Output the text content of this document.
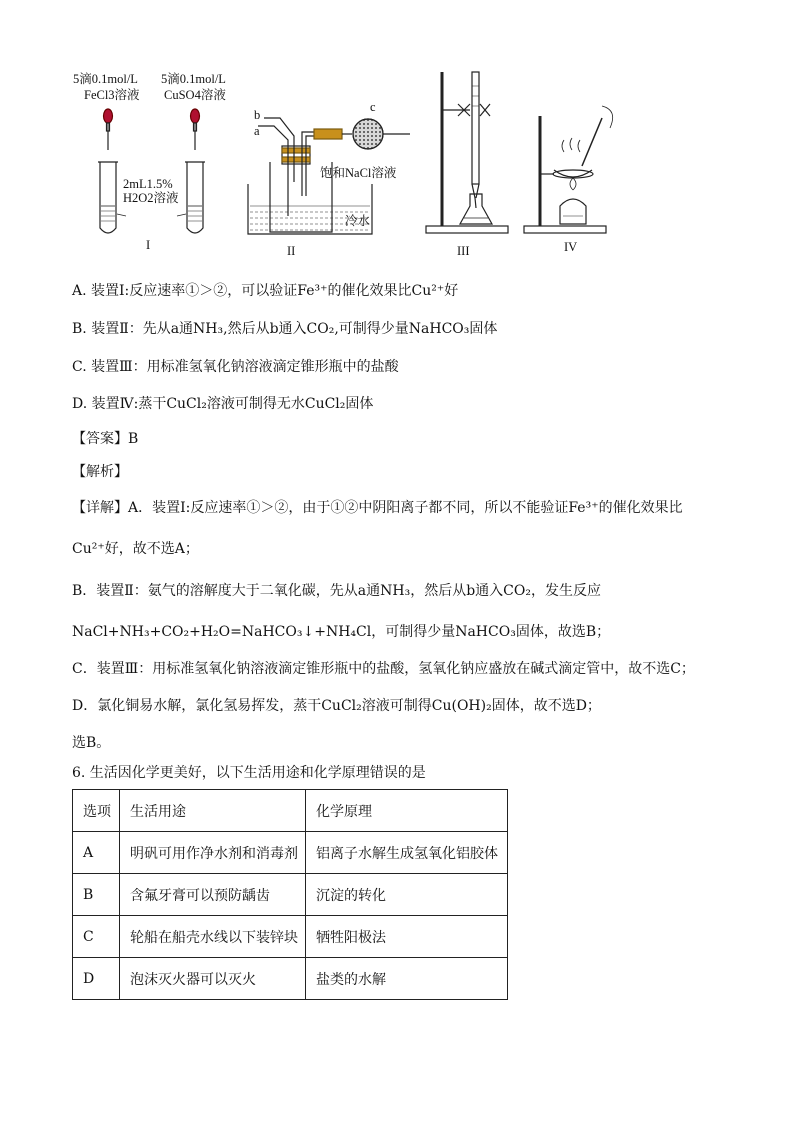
5滴0.1mol/L
FeCl3溶液
5滴0.1mol/L
CuSO4溶液
2mL1.5%
H2O2溶液
b
a
c
饱和NaCl溶液
冷水
I	II	III	IV
A. 装置Ⅰ:反应速率①＞②，可以验证Fe³⁺的催化效果比Cu²⁺好
B. 装置Ⅱ：先从a通NH₃,然后从b通入CO₂,可制得少量NaHCO₃固体
C. 装置Ⅲ：用标准氢氧化钠溶液滴定锥形瓶中的盐酸
D. 装置Ⅳ:蒸干CuCl₂溶液可制得无水CuCl₂固体
【答案】B
【解析】
【详解】A．装置Ⅰ:反应速率①＞②，由于①②中阴阳离子都不同，所以不能验证Fe³⁺的催化效果比
Cu²⁺好，故不选A；
B．装置Ⅱ：氨气的溶解度大于二氧化碳，先从a通NH₃，然后从b通入CO₂，发生反应
NaCl+NH₃+CO₂+H₂O=NaHCO₃↓+NH₄Cl，可制得少量NaHCO₃固体，故选B；
C．装置Ⅲ：用标准氢氧化钠溶液滴定锥形瓶中的盐酸，氢氧化钠应盛放在碱式滴定管中，故不选C；
D．氯化铜易水解，氯化氢易挥发，蒸干CuCl₂溶液可制得Cu(OH)₂固体，故不选D；
选B。
6. 生活因化学更美好，以下生活用途和化学原理错误的是
选项	生活用途	化学原理
A	明矾可用作净水剂和消毒剂	铝离子水解生成氢氧化铝胶体
B	含氟牙膏可以预防龋齿	沉淀的转化
C	轮船在船壳水线以下装锌块	牺牲阳极法
D	泡沫灭火器可以灭火	盐类的水解
